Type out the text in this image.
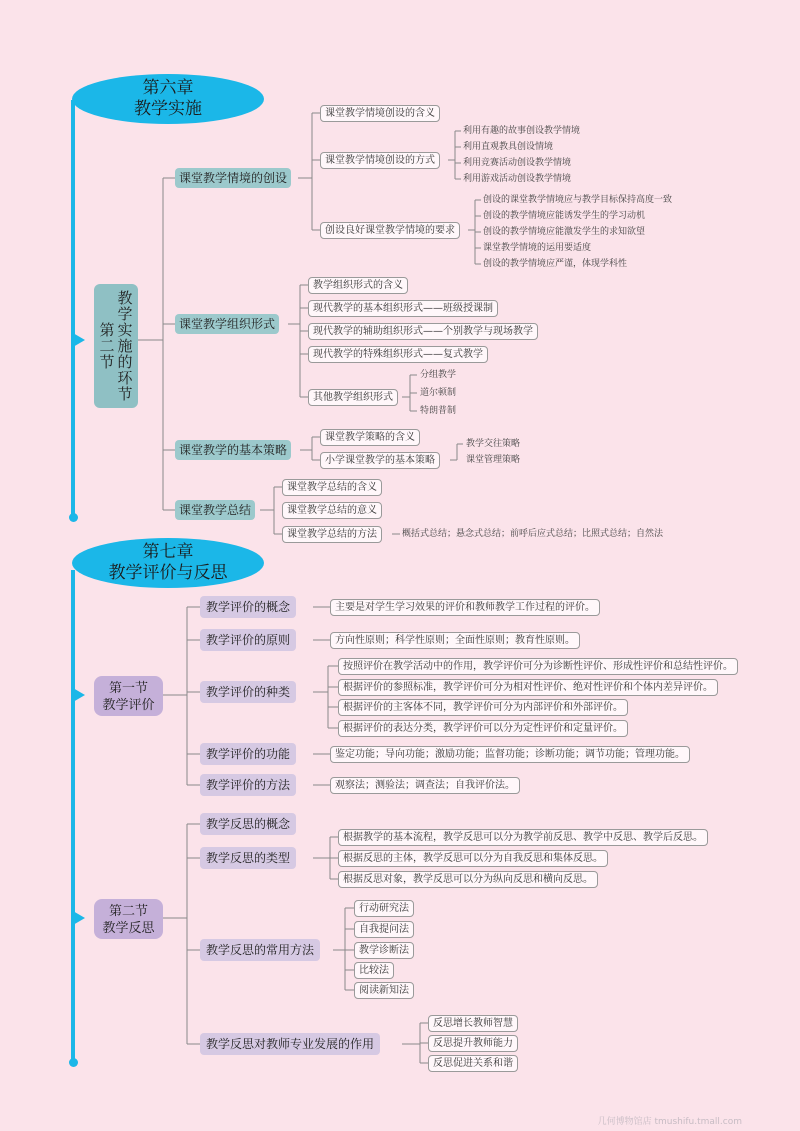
第六章
教学实施
教
学
实
施
的
环
节
第
二
节
课堂教学情境的创设
课堂教学情境创设的含义
课堂教学情境创设的方式
利用有趣的故事创设教学情境
利用直观教具创设情境
利用竞赛活动创设教学情境
利用游戏活动创设教学情境
创设良好课堂教学情境的要求
创设的课堂教学情境应与教学目标保持高度一致
创设的教学情境应能诱发学生的学习动机
创设的教学情境应能激发学生的求知欲望
课堂教学情境的运用要适度
创设的教学情境应严谨，体现学科性
课堂教学组织形式
教学组织形式的含义
现代教学的基本组织形式——班级授课制
现代教学的辅助组织形式——个别教学与现场教学
现代教学的特殊组织形式——复式教学
其他教学组织形式
分组教学
道尔顿制
特朗普制
课堂教学的基本策略
课堂教学策略的含义
小学课堂教学的基本策略
教学交往策略
课堂管理策略
课堂教学总结
课堂教学总结的含义
课堂教学总结的意义
课堂教学总结的方法	概括式总结；悬念式总结；前呼后应式总结；比照式总结；自然法
第七章
教学评价与反思
第一节
教学评价
教学评价的概念	主要是对学生学习效果的评价和教师教学工作过程的评价。
教学评价的原则	方向性原则；科学性原则；全面性原则；教育性原则。
教学评价的种类
按照评价在教学活动中的作用，教学评价可分为诊断性评价、形成性评价和总结性评价。
根据评价的参照标准，教学评价可分为相对性评价、绝对性评价和个体内差异评价。
根据评价的主客体不同，教学评价可分为内部评价和外部评价。
根据评价的表达分类，教学评价可以分为定性评价和定量评价。
教学评价的功能	鉴定功能；导向功能；激励功能；监督功能；诊断功能；调节功能；管理功能。
教学评价的方法	观察法；测验法；调查法；自我评价法。
第二节
教学反思
教学反思的概念
教学反思的类型
根据教学的基本流程，教学反思可以分为教学前反思、教学中反思、教学后反思。
根据反思的主体，教学反思可以分为自我反思和集体反思。
根据反思对象，教学反思可以分为纵向反思和横向反思。
教学反思的常用方法
行动研究法
自我提问法
教学诊断法
比较法
阅读新知法
教学反思对教师专业发展的作用
反思增长教师智慧
反思提升教师能力
反思促进关系和谐
几何博物馆店 tmushifu.tmall.com
